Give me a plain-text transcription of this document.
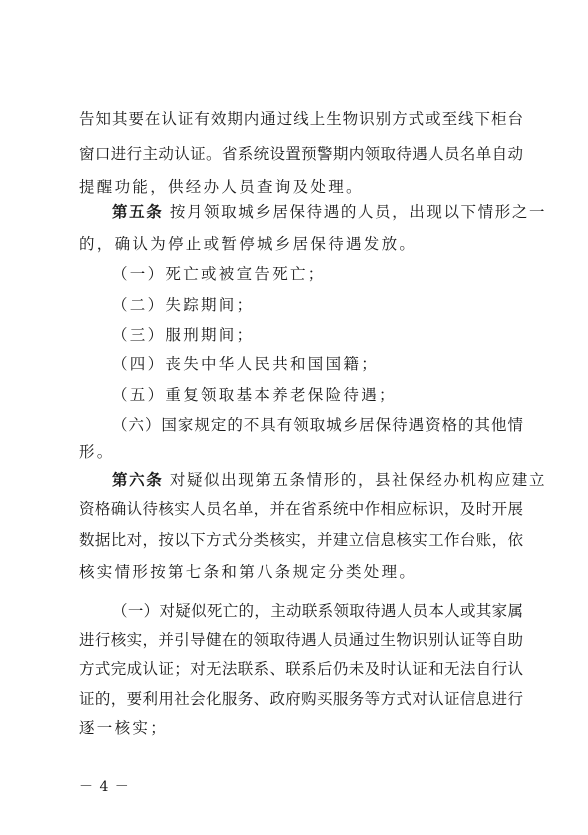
告知其要在认证有效期内通过线上生物识别方式或至线下柜台
窗口进行主动认证。省系统设置预警期内领取待遇人员名单自动
提醒功能，供经办人员查询及处理。
第五条 按月领取城乡居保待遇的人员，出现以下情形之一
的，确认为停止或暂停城乡居保待遇发放。
（一）死亡或被宣告死亡；
（二）失踪期间；
（三）服刑期间；
（四）丧失中华人民共和国国籍；
（五）重复领取基本养老保险待遇；
（六）国家规定的不具有领取城乡居保待遇资格的其他情
形。
第六条 对疑似出现第五条情形的，县社保经办机构应建立
资格确认待核实人员名单，并在省系统中作相应标识，及时开展
数据比对，按以下方式分类核实，并建立信息核实工作台账，依
核实情形按第七条和第八条规定分类处理。
（一）对疑似死亡的，主动联系领取待遇人员本人或其家属
进行核实，并引导健在的领取待遇人员通过生物识别认证等自助
方式完成认证；对无法联系、联系后仍未及时认证和无法自行认
证的，要利用社会化服务、政府购买服务等方式对认证信息进行
逐一核实；
－ 4 －
